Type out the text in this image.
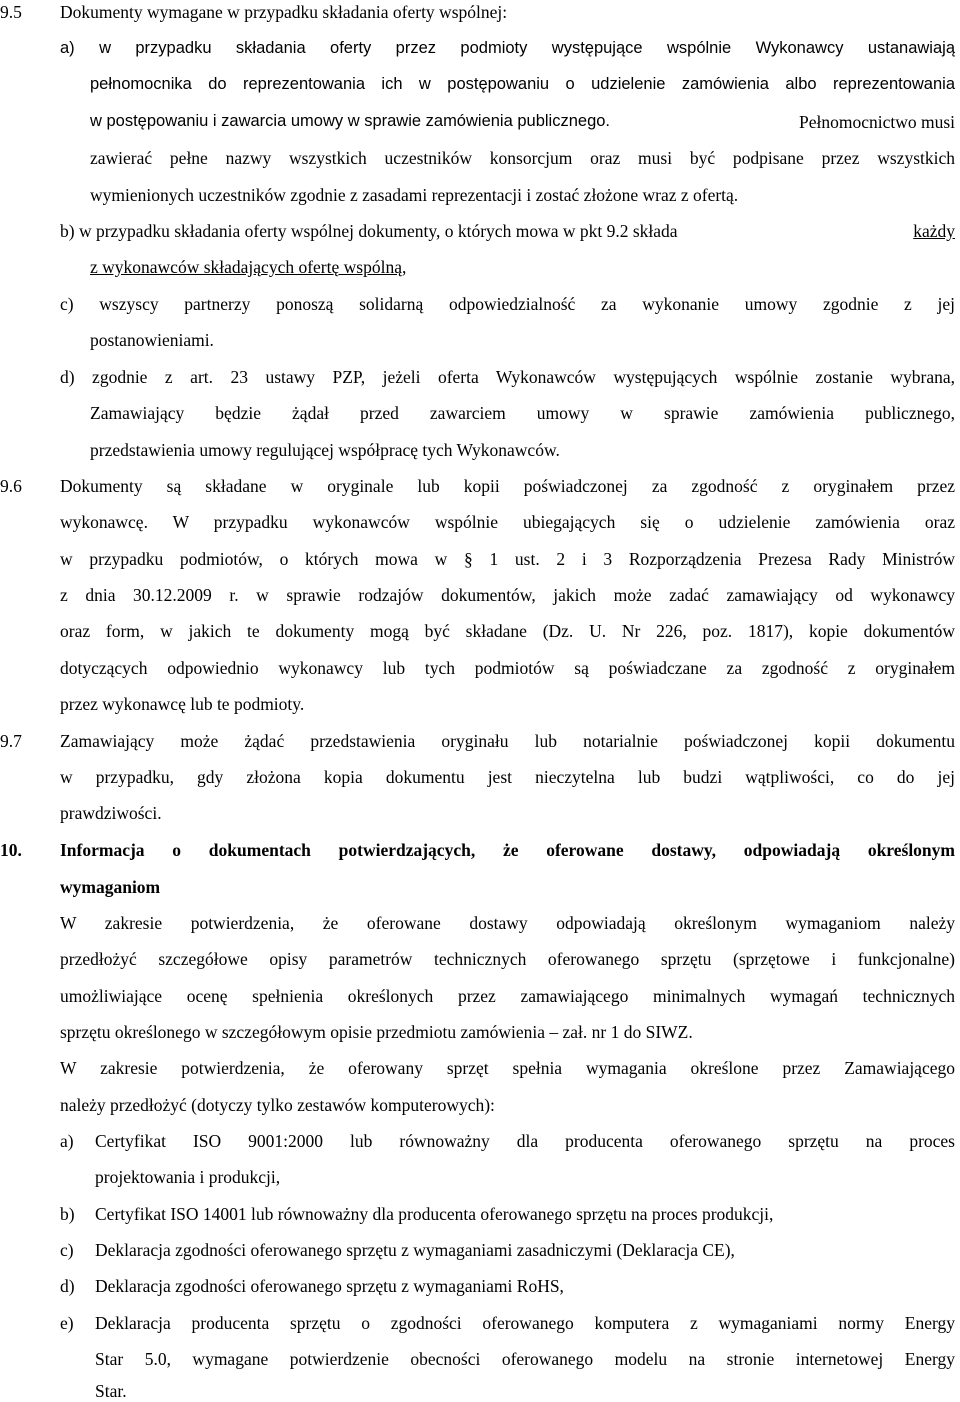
9.5 Dokumenty wymagane w przypadku składania oferty wspólnej:
a) w przypadku składania oferty przez podmioty występujące wspólnie Wykonawcy ustanawiają
pełnomocnika do reprezentowania ich w postępowaniu o udzielenie zamówienia albo reprezentowania
w postępowaniu i zawarcia umowy w sprawie zamówienia publicznego.	Pełnomocnictwo musi
zawierać pełne nazwy wszystkich uczestników konsorcjum oraz musi być podpisane przez wszystkich
wymienionych uczestników zgodnie z zasadami reprezentacji i zostać złożone wraz z ofertą.
b) w przypadku składania oferty wspólnej dokumenty, o których mowa w pkt 9.2 składa	każdy
z wykonawców składających ofertę wspólną,
c) wszyscy partnerzy ponoszą solidarną odpowiedzialność za wykonanie umowy zgodnie z jej
postanowieniami.
d) zgodnie z art. 23 ustawy PZP, jeżeli oferta Wykonawców występujących wspólnie zostanie wybrana,
Zamawiający będzie żądał przed zawarciem umowy w sprawie zamówienia publicznego,
przedstawienia umowy regulującej współpracę tych Wykonawców.
9.6 Dokumenty są składane w oryginale lub kopii poświadczonej za zgodność z oryginałem przez
wykonawcę. W przypadku wykonawców wspólnie ubiegających się o udzielenie zamówienia oraz
w przypadku podmiotów, o których mowa w § 1 ust. 2 i 3 Rozporządzenia Prezesa Rady Ministrów
z dnia 30.12.2009 r. w sprawie rodzajów dokumentów, jakich może zadać zamawiający od wykonawcy
oraz form, w jakich te dokumenty mogą być składane (Dz. U. Nr 226, poz. 1817), kopie dokumentów
dotyczących odpowiednio wykonawcy lub tych podmiotów są poświadczane za zgodność z oryginałem
przez wykonawcę lub te podmioty.
9.7 Zamawiający może żądać przedstawienia oryginału lub notarialnie poświadczonej kopii dokumentu
w przypadku, gdy złożona kopia dokumentu jest nieczytelna lub budzi wątpliwości, co do jej
prawdziwości.
10. Informacja o dokumentach potwierdzających, że oferowane dostawy, odpowiadają określonym
wymaganiom
W zakresie potwierdzenia, że oferowane dostawy odpowiadają określonym wymaganiom należy
przedłożyć szczegółowe opisy parametrów technicznych oferowanego sprzętu (sprzętowe i funkcjonalne)
umożliwiające ocenę spełnienia określonych przez zamawiającego minimalnych wymagań technicznych
sprzętu określonego w szczegółowym opisie przedmiotu zamówienia – zał. nr 1 do SIWZ.
W zakresie potwierdzenia, że oferowany sprzęt spełnia wymagania określone przez Zamawiającego
należy przedłożyć (dotyczy tylko zestawów komputerowych):
a)	Certyfikat ISO 9001:2000 lub równoważny dla producenta oferowanego sprzętu na proces
projektowania i produkcji,
b)	Certyfikat ISO 14001 lub równoważny dla producenta oferowanego sprzętu na proces produkcji,
c)	Deklaracja zgodności oferowanego sprzętu z wymaganiami zasadniczymi (Deklaracja CE),
d)	Deklaracja zgodności oferowanego sprzętu z wymaganiami RoHS,
e)	Deklaracja producenta sprzętu o zgodności oferowanego komputera z wymaganiami normy Energy
Star 5.0, wymagane potwierdzenie obecności oferowanego modelu na stronie internetowej Energy
Star.
